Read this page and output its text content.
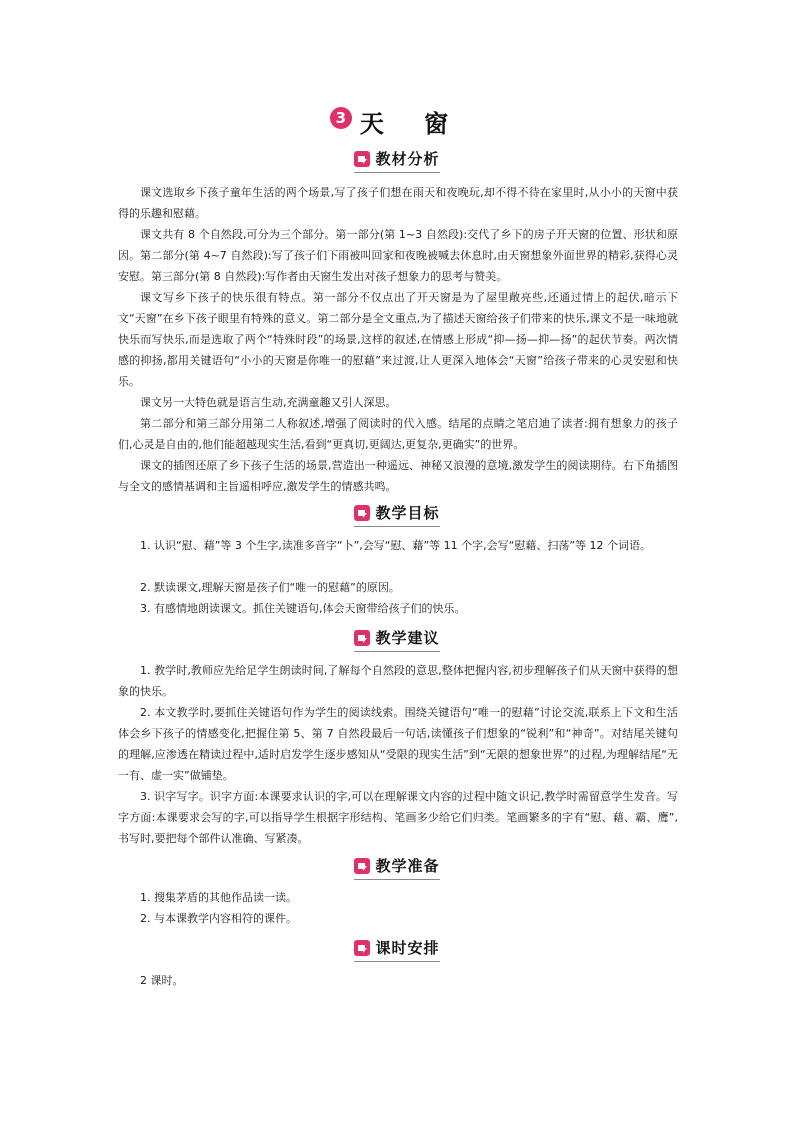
3 天 窗
教材分析

课文选取乡下孩子童年生活的两个场景,写了孩子们想在雨天和夜晚玩,却不得不待在家里时,从小小的天窗中获得的乐趣和慰藉。

课文共有 8 个自然段,可分为三个部分。第一部分(第 1~3 自然段):交代了乡下的房子开天窗的位置、形状和原因。第二部分(第 4~7 自然段):写了孩子们下雨被叫回家和夜晚被喊去休息时,由天窗想象外面世界的精彩,获得心灵安慰。第三部分(第 8 自然段):写作者由天窗生发出对孩子想象力的思考与赞美。

课文写乡下孩子的快乐很有特点。第一部分不仅点出了开天窗是为了屋里敞亮些,还通过情上的起伏,暗示下文“天窗”在乡下孩子眼里有特殊的意义。第二部分是全文重点,为了描述天窗给孩子们带来的快乐,课文不是一味地就快乐而写快乐,而是选取了两个“特殊时段”的场景,这样的叙述,在情感上形成“抑—扬—抑—扬”的起伏节奏。两次情感的抑扬,都用关键语句“小小的天窗是你唯一的慰藉”来过渡,让人更深入地体会“天窗”给孩子带来的心灵安慰和快乐。

课文另一大特色就是语言生动,充满童趣又引人深思。

第二部分和第三部分用第二人称叙述,增强了阅读时的代入感。结尾的点睛之笔启迪了读者:拥有想象力的孩子们,心灵是自由的,他们能超越现实生活,看到“更真切,更阔达,更复杂,更确实”的世界。

课文的插图还原了乡下孩子生活的场景,营造出一种遥远、神秘又浪漫的意境,激发学生的阅读期待。右下角插图与全文的感情基调和主旨遥相呼应,激发学生的情感共鸣。

教学目标

1. 认识“慰、藉”等 3 个生字,读准多音字“卜”,会写“慰、藉”等 11 个字,会写“慰藉、扫荡”等 12 个词语。

2. 默读课文,理解天窗是孩子们“唯一的慰藉”的原因。

3. 有感情地朗读课文。抓住关键语句,体会天窗带给孩子们的快乐。

教学建议

1. 教学时,教师应先给足学生朗读时间,了解每个自然段的意思,整体把握内容,初步理解孩子们从天窗中获得的想象的快乐。

2. 本文教学时,要抓住关键语句作为学生的阅读线索。围绕关键语句“唯一的慰藉”讨论交流,联系上下文和生活体会乡下孩子的情感变化,把握住第 5、第 7 自然段最后一句话,读懂孩子们想象的“锐利”和“神奇”。对结尾关键句的理解,应渗透在精读过程中,适时启发学生逐步感知从“受限的现实生活”到“无限的想象世界”的过程,为理解结尾“无一有、虚一实”做铺垫。

3. 识字写字。识字方面:本课要求认识的字,可以在理解课文内容的过程中随文识记,教学时需留意学生发音。写字方面:本课要求会写的字,可以指导学生根据字形结构、笔画多少给它们归类。笔画繁多的字有“慰、藉、霸、鹰”,书写时,要把每个部件认准确、写紧凑。

教学准备

1. 搜集茅盾的其他作品读一读。

2. 与本课教学内容相符的课件。

课时安排

2 课时。
